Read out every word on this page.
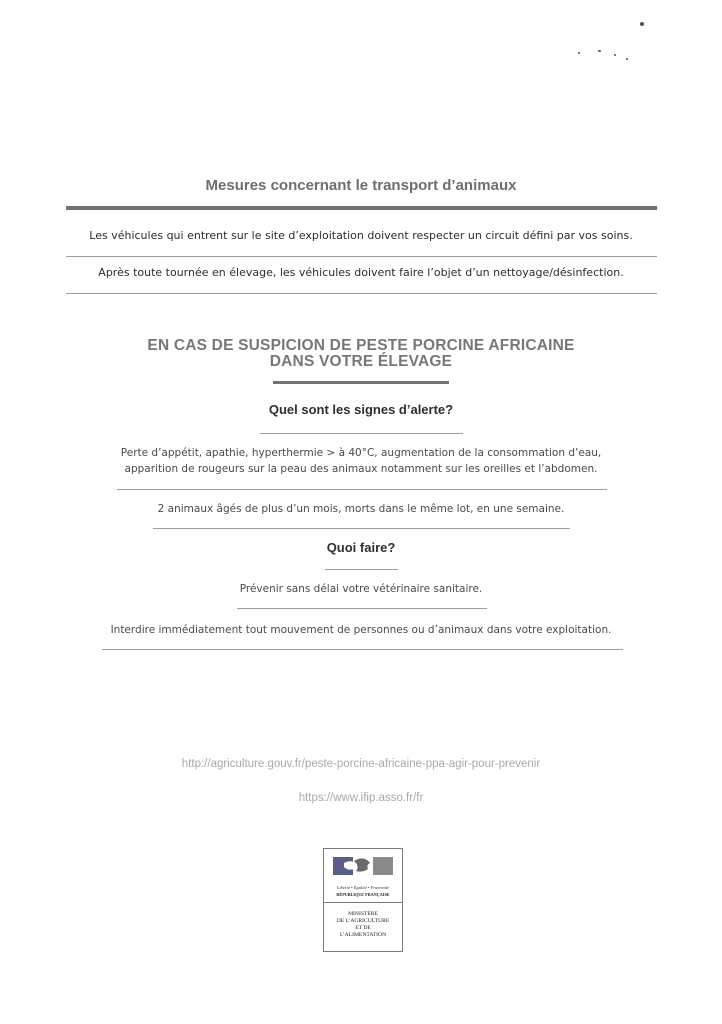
Mesures concernant le transport d’animaux
Les véhicules qui entrent sur le site d’exploitation doivent respecter un circuit défini par vos soins.
Après toute tournée en élevage, les véhicules doivent faire l’objet d’un nettoyage/désinfection.
EN CAS DE SUSPICION DE PESTE PORCINE AFRICAINE
DANS VOTRE ÉLEVAGE
Quel sont les signes d’alerte?
Perte d’appétit, apathie, hyperthermie > à 40°C, augmentation de la consommation d’eau,
apparition de rougeurs sur la peau des animaux notamment sur les oreilles et l’abdomen.
2 animaux âgés de plus d’un mois, morts dans le même lot, en une semaine.
Quoi faire?
Prévenir sans délai votre vétérinaire sanitaire.
Interdire immédiatement tout mouvement de personnes ou d’animaux dans votre exploitation.
http://agriculture.gouv.fr/peste-porcine-africaine-ppa-agir-pour-prevenir
https://www.ifip.asso.fr/fr
Liberté • Égalité • Fraternité
RÉPUBLIQUE FRANÇAISE
MINISTÈRE
DE L’AGRICULTURE
ET DE
L’ALIMENTATION
